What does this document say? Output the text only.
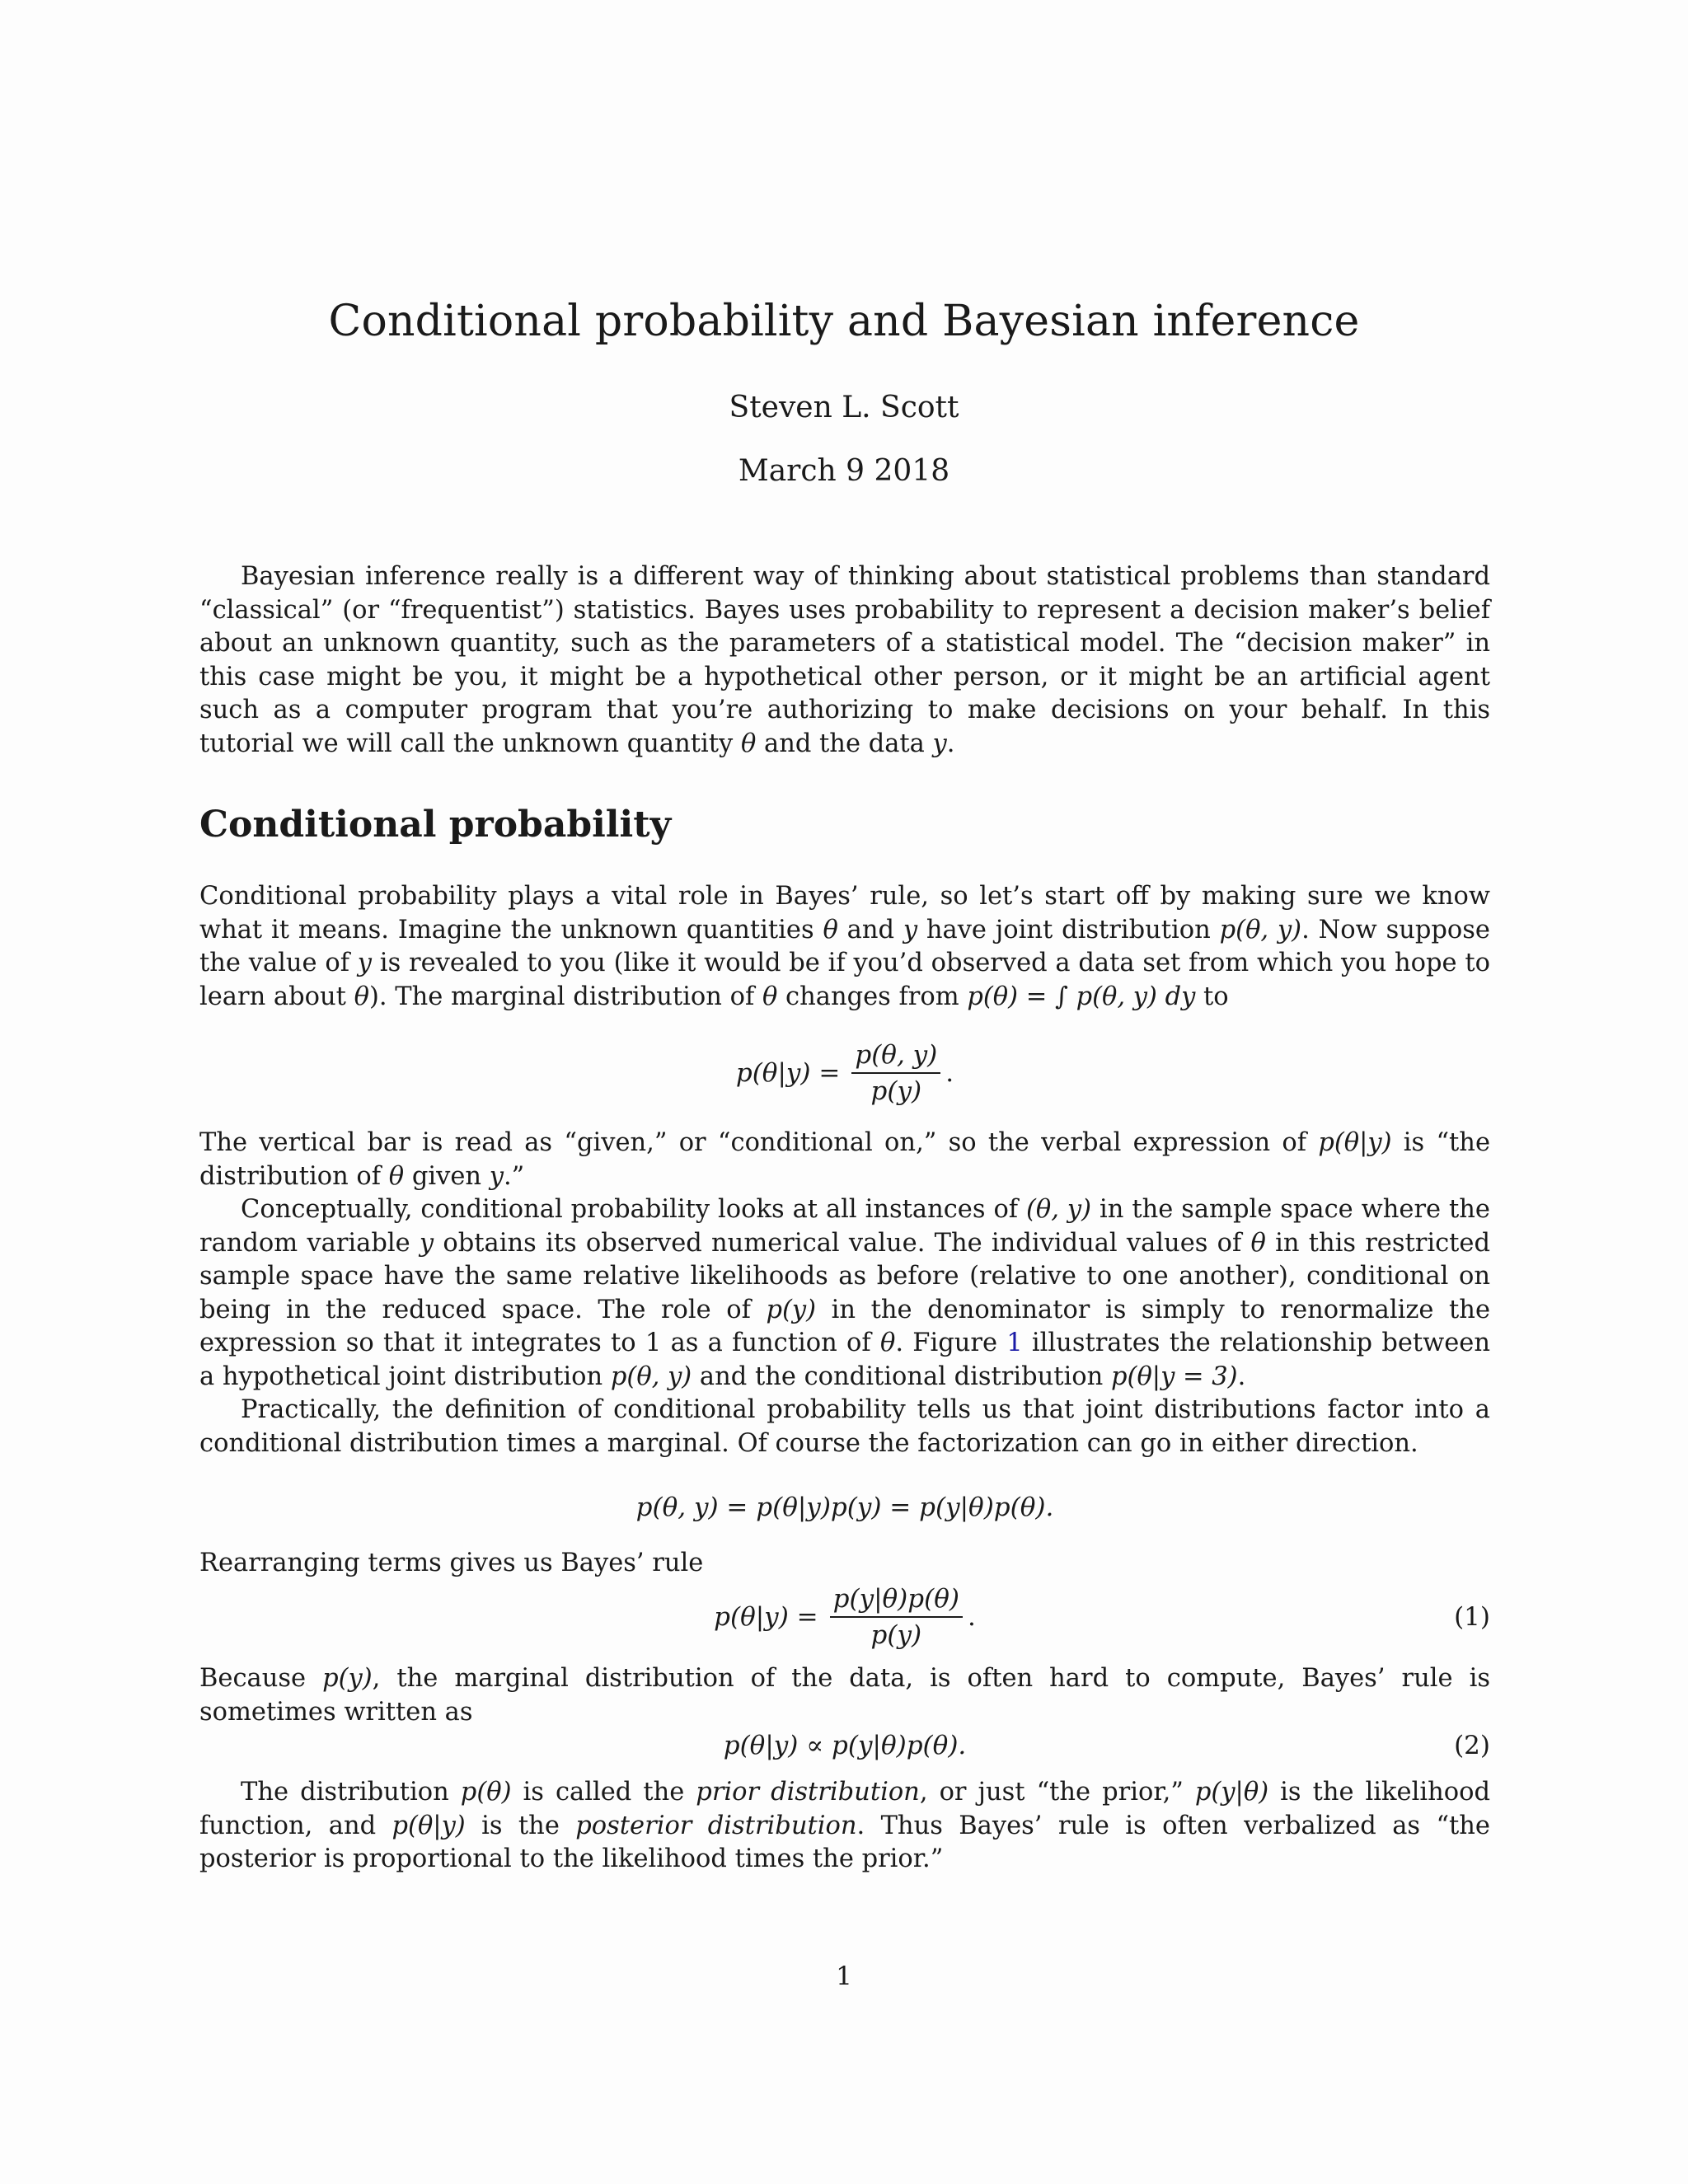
Conditional probability and Bayesian inference
Steven L. Scott
March 9 2018

Bayesian inference really is a different way of thinking about statistical problems than standard “classical” (or “frequentist”) statistics. Bayes uses probability to represent a decision maker’s belief about an unknown quantity, such as the parameters of a statistical model. The “decision maker” in this case might be you, it might be a hypothetical other person, or it might be an artificial agent such as a computer program that you’re authorizing to make decisions on your behalf. In this tutorial we will call the unknown quantity θ and the data y.

Conditional probability

Conditional probability plays a vital role in Bayes’ rule, so let’s start off by making sure we know what it means. Imagine the unknown quantities θ and y have joint distribution p(θ, y). Now suppose the value of y is revealed to you (like it would be if you’d observed a data set from which you hope to learn about θ). The marginal distribution of θ changes from p(θ) = ∫ p(θ, y) dy to

$p(\theta|y) = \frac{p(\theta, y)}{p(y)}$ .

The vertical bar is read as “given,” or “conditional on,” so the verbal expression of p(θ|y) is “the distribution of θ given y.”

Conceptually, conditional probability looks at all instances of (θ, y) in the sample space where the random variable y obtains its observed numerical value. The individual values of θ in this restricted sample space have the same relative likelihoods as before (relative to one another), conditional on being in the reduced space. The role of p(y) in the denominator is simply to renormalize the expression so that it integrates to 1 as a function of θ. Figure 1 illustrates the relationship between a hypothetical joint distribution p(θ, y) and the conditional distribution p(θ|y = 3).

Practically, the definition of conditional probability tells us that joint distributions factor into a conditional distribution times a marginal. Of course the factorization can go in either direction.

p(θ, y) = p(θ|y)p(y) = p(y|θ)p(θ).

Rearranging terms gives us Bayes’ rule

$p(\theta|y) = \frac{p(y|\theta)p(\theta)}{p(y)}$ .	(1)

Because p(y), the marginal distribution of the data, is often hard to compute, Bayes’ rule is sometimes written as

p(θ|y) ∝ p(y|θ)p(θ).	(2)

The distribution p(θ) is called the prior distribution, or just “the prior,” p(y|θ) is the likelihood function, and p(θ|y) is the posterior distribution. Thus Bayes’ rule is often verbalized as “the posterior is proportional to the likelihood times the prior.”

1
